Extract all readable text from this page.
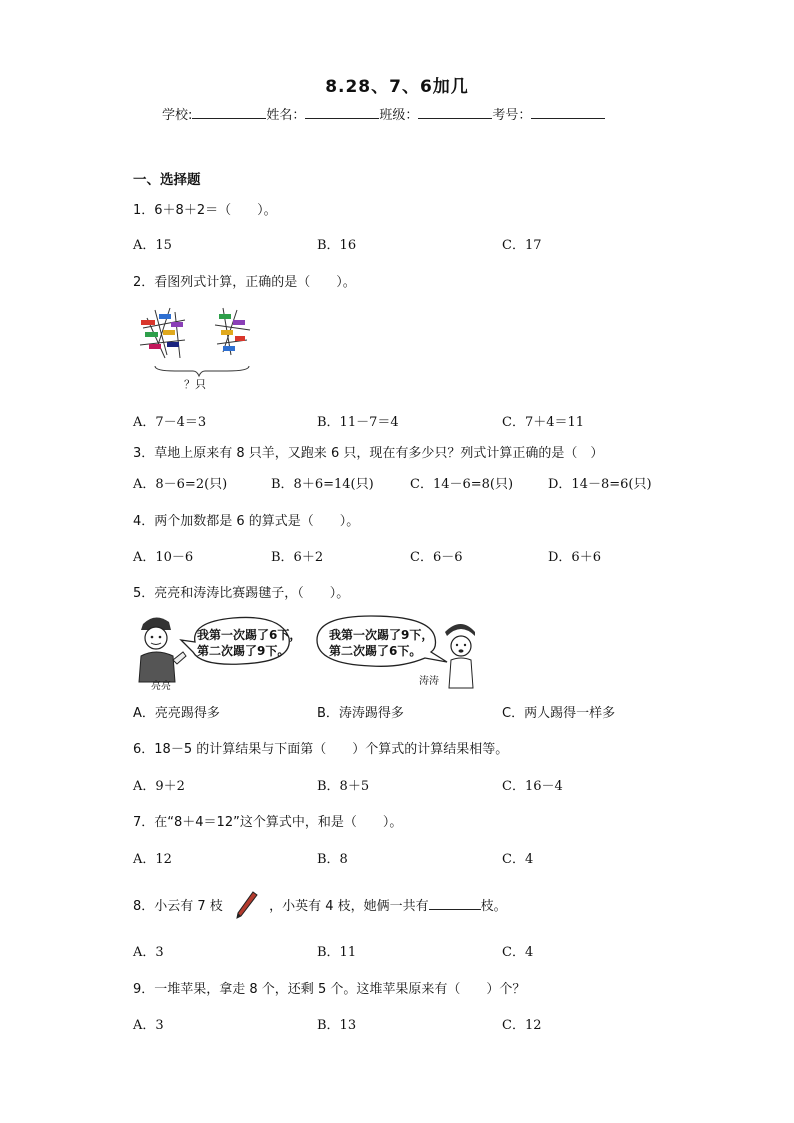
8.28、7、6加几
学校:	姓名：	班级：	考号：
一、选择题
1．6＋8＋2＝（　　）。
A．15	B．16	C．17
2．看图列式计算，正确的是（　　）。
？只
A．7－4＝3	B．11－7＝4	C．7＋4＝11
3．草地上原来有 8 只羊，又跑来 6 只，现在有多少只？列式计算正确的是（　）
A．8－6=2(只)	B．8＋6=14(只)	C．14－6=8(只)	D．14－8=6(只)
4．两个加数都是 6 的算式是（　　）。
A．10－6	B．6＋2	C．6－6	D．6＋6
5．亮亮和涛涛比赛踢毽子，（　　）。
亮亮
我第一次踢了6下，
第二次踢了9下。
我第一次踢了9下，
第二次踢了6下。
涛涛
A．亮亮踢得多	B．涛涛踢得多	C．两人踢得一样多
6．18－5 的计算结果与下面第（　　）个算式的计算结果相等。
A．9＋2	B．8＋5	C．16－4
7．在“8＋4＝12”这个算式中，和是（　　）。
A．12	B．8	C．4
8．小云有 7 枝	，小英有 4 枝，她俩一共有	枝。
A．3	B．11	C．4
9．一堆苹果，拿走 8 个，还剩 5 个。这堆苹果原来有（　　）个？
A．3	B．13	C．12
